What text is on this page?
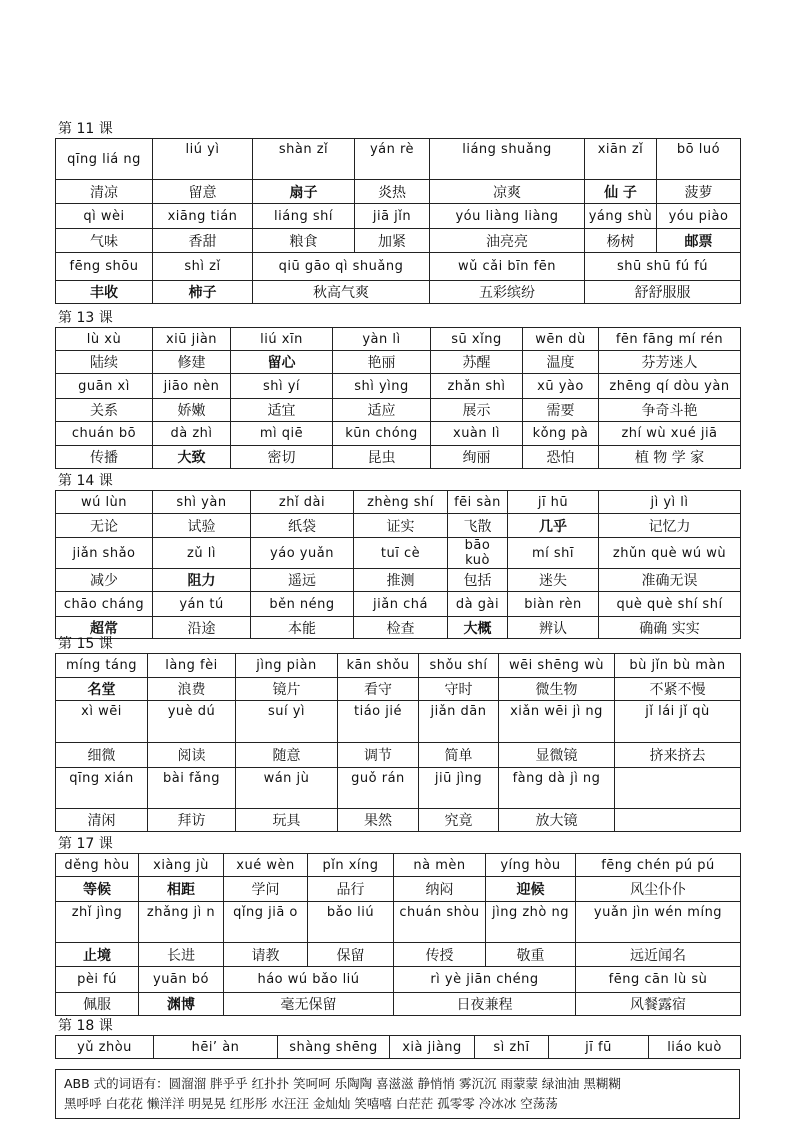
第 11 课
qīng liá ng	liú yì	shàn zǐ	yán rè	liáng shuǎng	xiān zǐ	bō luó
清凉	留意	扇子	炎热	凉爽	仙 子	菠萝
qì wèi	xiāng tián	liáng shí	jiā jǐn	yóu liàng liàng	yáng shù	yóu piào
气味	香甜	粮食	加紧	油亮亮	杨树	邮票
fēng shōu	shì zǐ	qiū gāo qì shuǎng		wǔ cǎi bīn fēn	shū shū fú fú	
丰收	柿子	秋高气爽		五彩缤纷	舒舒服服	
第 13 课
lù xù	xiū jiàn	liú xīn	yàn lì	sū xǐng	wēn dù	fēn fāng mí rén
陆续	修建	留心	艳丽	苏醒	温度	芬芳迷人
guān xì	jiāo nèn	shì yí	shì yìng	zhǎn shì	xū yào	zhēng qí dòu yàn
关系	娇嫩	适宜	适应	展示	需要	争奇斗艳
chuán bō	dà zhì	mì qiē	kūn chóng	xuàn lì	kǒng pà	zhí wù xué jiā
传播	大致	密切	昆虫	绚丽	恐怕	植 物 学 家
第 14 课
wú lùn	shì yàn	zhǐ dài	zhèng shí	fēi sàn	jī hū	jì yì lì
无论	试验	纸袋	证实	飞散	几乎	记忆力
jiǎn shǎo	zǔ lì	yáo yuǎn	tuī cè	bāo kuò	mí shī	zhǔn què wú wù
减少	阻力	遥远	推测	包括	迷失	准确无误
chāo cháng	yán tú	běn néng	jiǎn chá	dà gài	biàn rèn	què què shí shí
超常	沿途	本能	检查	大概	辨认	确确 实实
第 15 课
míng táng	làng fèi	jìng piàn	kān shǒu	shǒu shí	wēi shēng wù	bù jǐn bù màn
名堂	浪费	镜片	看守	守时	微生物	不紧不慢
xì wēi	yuè dú	suí yì	tiáo jié	jiǎn dān	xiǎn wēi jì ng	jǐ lái jǐ qù
细微	阅读	随意	调节	简单	显微镜	挤来挤去
qīng xián	bài fǎng	wán jù	guǒ rán	jiū jìng	fàng dà jì ng	
清闲	拜访	玩具	果然	究竟	放大镜	
第 17 课
děng hòu	xiàng jù	xué wèn	pǐn xíng	nà mèn	yíng hòu	fēng chén pú pú
等候	相距	学问	品行	纳闷	迎候	风尘仆仆
zhǐ jìng	zhǎng jì n	qǐng jiā o	bǎo liú	chuán shòu	jìng zhò ng	yuǎn jìn wén míng
止境	长进	请教	保留	传授	敬重	远近闻名
pèi fú	yuān bó	háo wú bǎo liú		rì yè jiān chéng		fēng cān lù sù
佩服	渊博	毫无保留		日夜兼程		风餐露宿
第 18 课
yǔ zhòu	hēi’ àn	shàng shēng	xià jiàng	sì zhī	jī fū	liáo kuò
ABB 式的词语有：圆溜溜 胖乎乎 红扑扑 笑呵呵 乐陶陶 喜滋滋 静悄悄 雾沉沉 雨蒙蒙 绿油油 黑糊糊
黑呼呼 白花花 懒洋洋 明晃晃 红彤彤 水汪汪 金灿灿 笑嘻嘻 白茫茫 孤零零 冷冰冰 空荡荡
